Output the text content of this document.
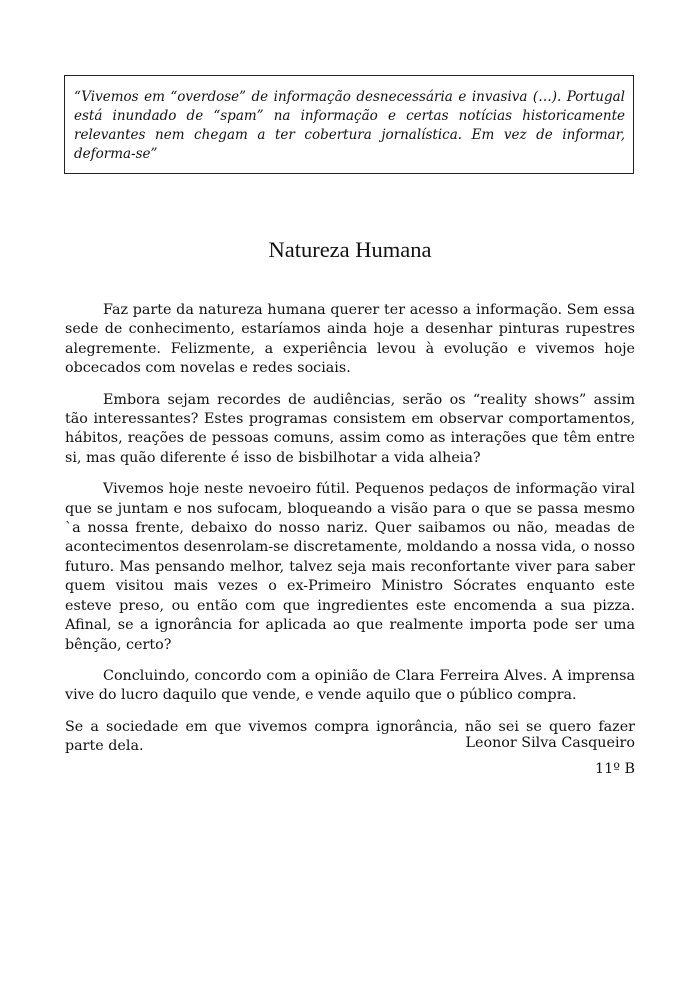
“Vivemos em “overdose” de informação desnecessária e invasiva (…). Portugal está inundado de “spam” na informação e certas notícias historicamente relevantes nem chegam a ter cobertura jornalística. Em vez de informar, deforma-se”

Natureza Humana

Faz parte da natureza humana querer ter acesso a informação. Sem essa sede de conhecimento, estaríamos ainda hoje a desenhar pinturas rupestres alegremente. Felizmente, a experiência levou à evolução e vivemos hoje obcecados com novelas e redes sociais.

Embora sejam recordes de audiências, serão os “reality shows” assim tão interessantes? Estes programas consistem em observar comportamentos, hábitos, reações de pessoas comuns, assim como as interações que têm entre si, mas quão diferente é isso de bisbilhotar a vida alheia?

Vivemos hoje neste nevoeiro fútil. Pequenos pedaços de informação viral que se juntam e nos sufocam, bloqueando a visão para o que se passa mesmo `a nossa frente, debaixo do nosso nariz. Quer saibamos ou não, meadas de acontecimentos desenrolam-se discretamente, moldando a nossa vida, o nosso futuro. Mas pensando melhor, talvez seja mais reconfortante viver para saber quem visitou mais vezes o ex-Primeiro Ministro Sócrates enquanto este esteve preso, ou então com que ingredientes este encomenda a sua pizza. Afinal, se a ignorância for aplicada ao que realmente importa pode ser uma bênção, certo?

Concluindo, concordo com a opinião de Clara Ferreira Alves. A imprensa vive do lucro daquilo que vende, e vende aquilo que o público compra.

Se a sociedade em que vivemos compra ignorância, não sei se quero fazer parte dela.	Leonor Silva Casqueiro
11º B
